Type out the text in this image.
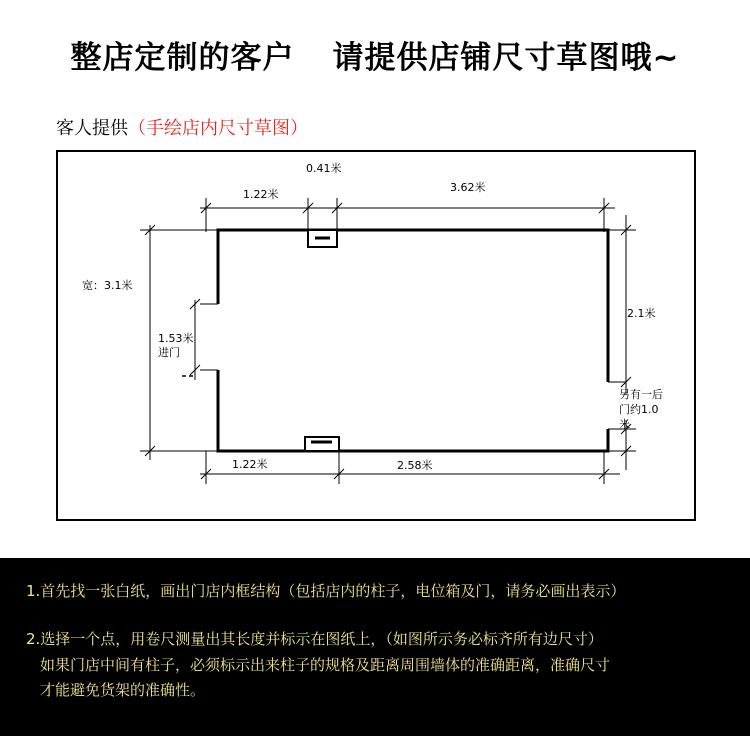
整店定制的客户 请提供店铺尺寸草图哦~
客人提供（手绘店内尺寸草图）
0.41米
1.22米
3.62米
宽：3.1米
1.53米
进门
2.1米
另有一后
门约1.0
米
1.22米	2.58米
1.首先找一张白纸，画出门店内框结构（包括店内的柱子，电位箱及门，请务必画出表示）
2.选择一个点，用卷尺测量出其长度并标示在图纸上，（如图所示务必标齐所有边尺寸）
如果门店中间有柱子，必须标示出来柱子的规格及距离周围墙体的准确距离，准确尺寸
才能避免货架的准确性。
